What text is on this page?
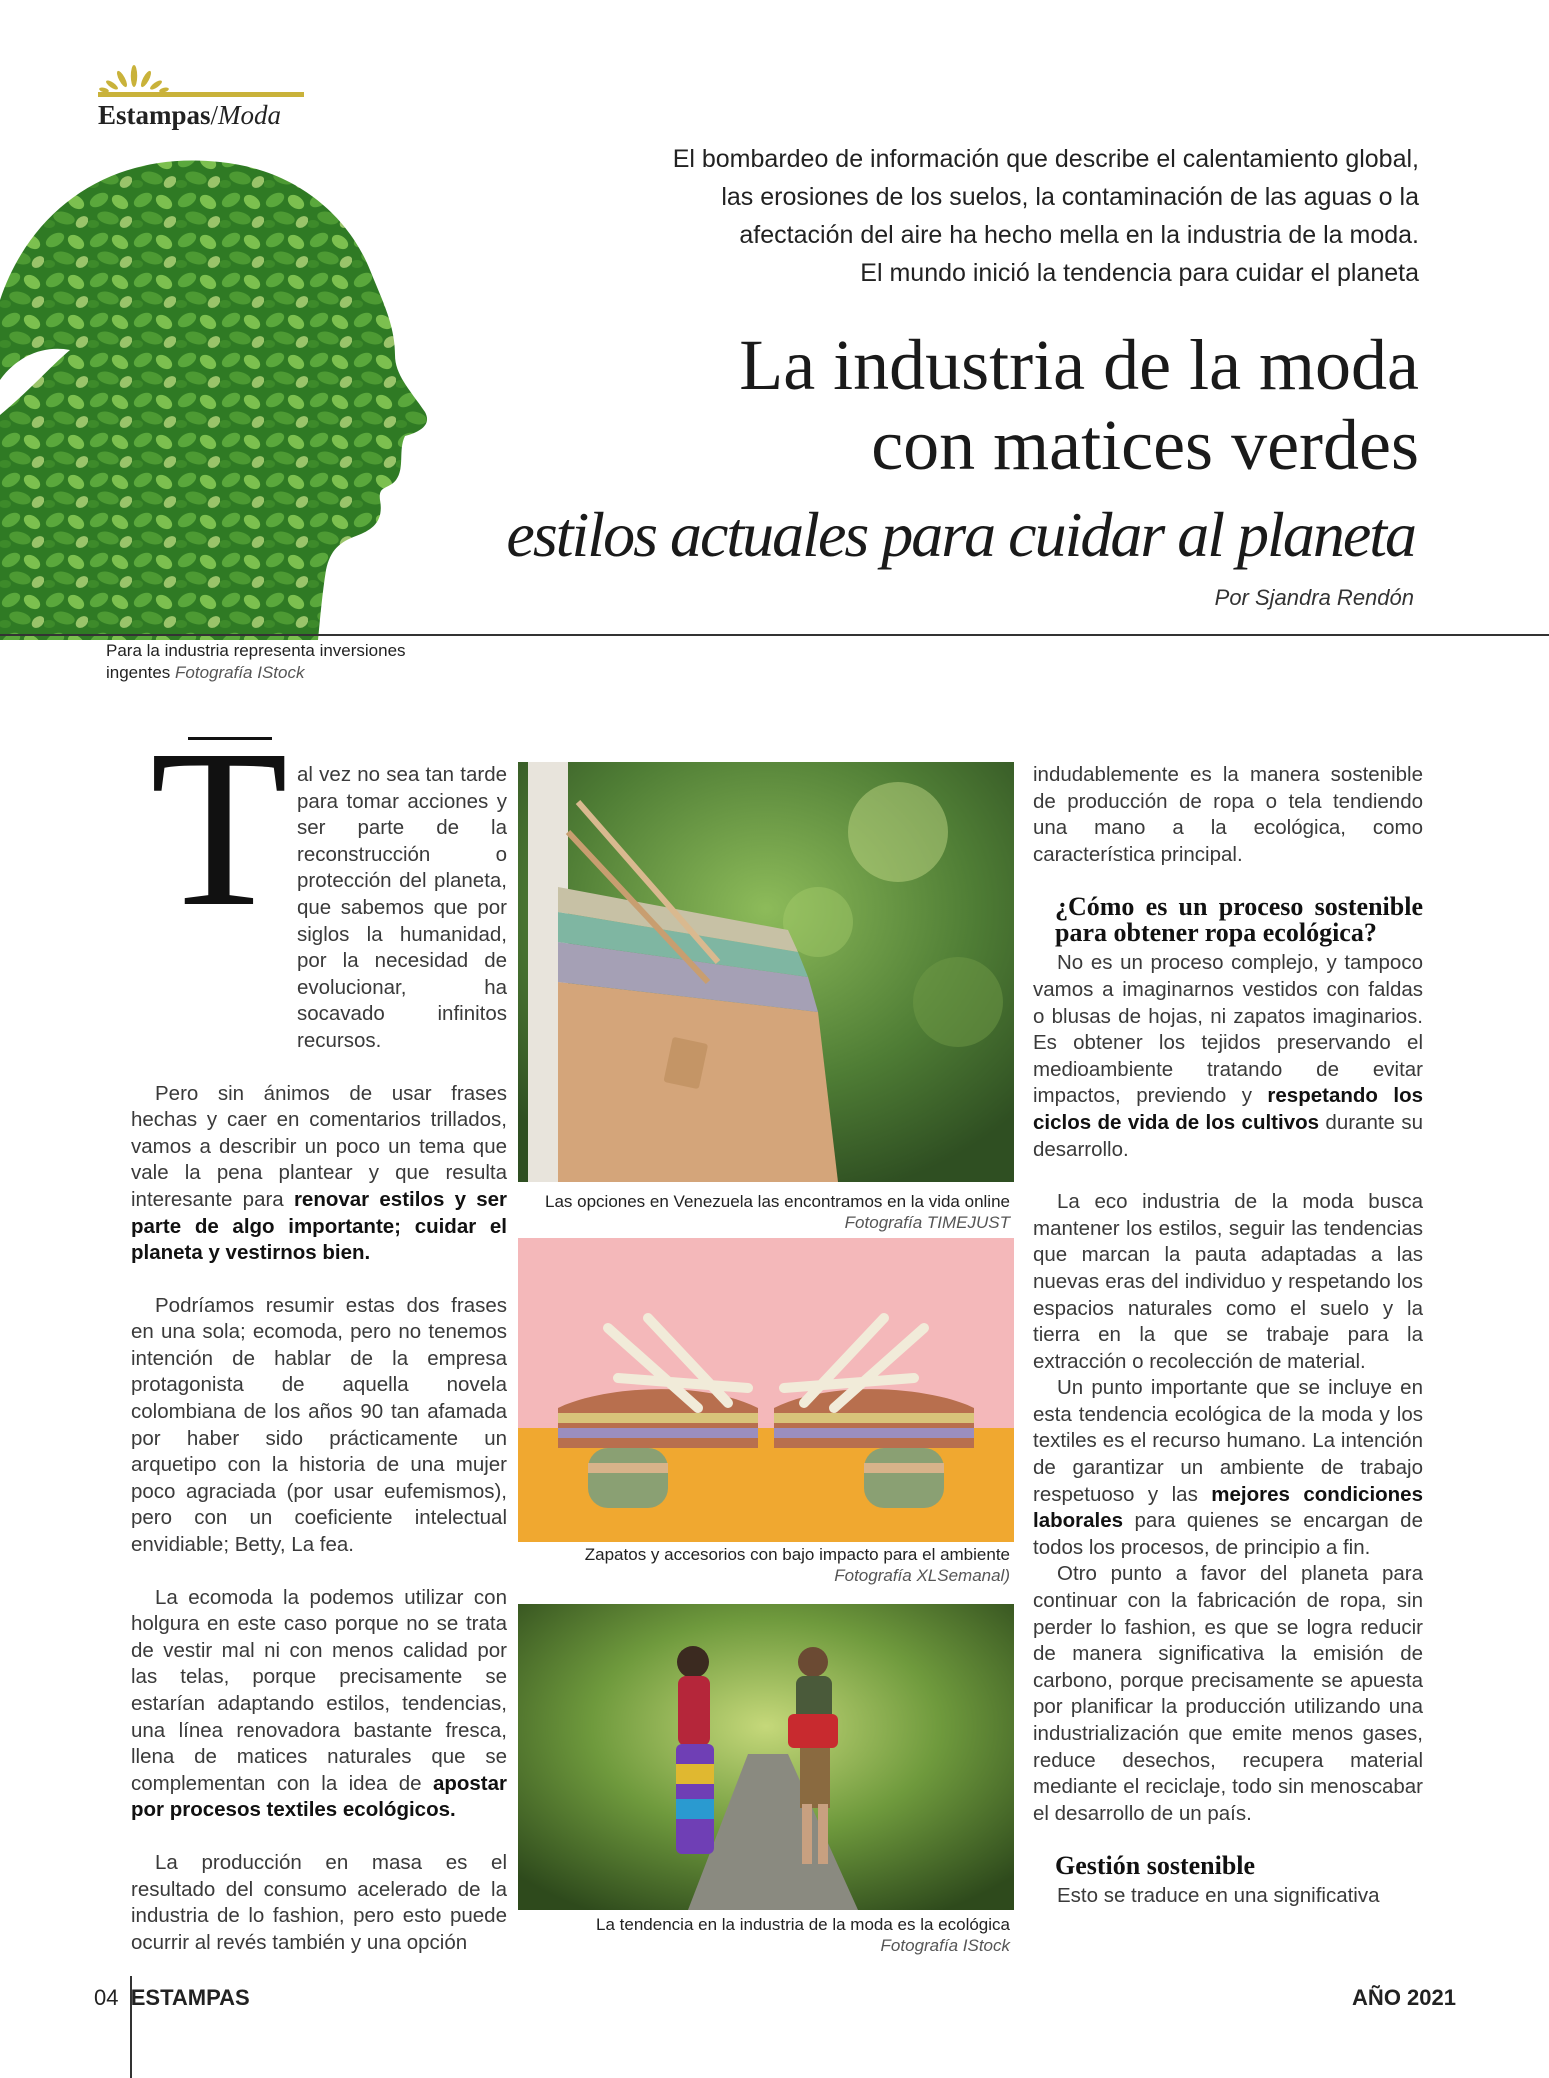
Estampas/Moda
El bombardeo de información que describe el calentamiento global,
las erosiones de los suelos, la contaminación de las aguas o la
afectación del aire ha hecho mella en la industria de la moda.
El mundo inició la tendencia para cuidar el planeta
La industria de la moda
con matices verdes
estilos actuales para cuidar al planeta
Por Sjandra Rendón
Para la industria representa inversiones ingentes Fotografía IStock
T al vez no sea tan tarde para tomar acciones y ser parte de la reconstrucción o protección del planeta, que sabemos que por siglos la humanidad, por la necesidad de evolucionar, ha socavado infinitos recursos.

Pero sin ánimos de usar frases hechas y caer en comentarios trillados, vamos a describir un poco un tema que vale la pena plantear y que resulta interesante para renovar estilos y ser parte de algo importante; cuidar el planeta y vestirnos bien.

Podríamos resumir estas dos frases en una sola; ecomoda, pero no tenemos intención de hablar de la empresa protagonista de aquella novela colombiana de los años 90 tan afamada por haber sido prácticamente un arquetipo con la historia de una mujer poco agraciada (por usar eufemismos), pero con un coeficiente intelectual envidiable; Betty, La fea.

La ecomoda la podemos utilizar con holgura en este caso porque no se trata de vestir mal ni con menos calidad por las telas, porque precisamente se estarían adaptando estilos, tendencias, una línea renovadora bastante fresca, llena de matices naturales que se complementan con la idea de apostar por procesos textiles ecológicos.

La producción en masa es el resultado del consumo acelerado de la industria de lo fashion, pero esto puede ocurrir al revés también y una opción

Las opciones en Venezuela las encontramos en la vida online
Fotografía TIMEJUST
Zapatos y accesorios con bajo impacto para el ambiente
Fotografía XLSemanal)
La tendencia en la industria de la moda es la ecológica
Fotografía IStock

indudablemente es la manera sostenible de producción de ropa o tela tendiendo una mano a la ecológica, como característica principal.

¿Cómo es un proceso sostenible para obtener ropa ecológica?

No es un proceso complejo, y tampoco vamos a imaginarnos vestidos con faldas o blusas de hojas, ni zapatos imaginarios. Es obtener los tejidos preservando el medioambiente tratando de evitar impactos, previendo y respetando los ciclos de vida de los cultivos durante su desarrollo.

La eco industria de la moda busca mantener los estilos, seguir las tendencias que marcan la pauta adaptadas a las nuevas eras del individuo y respetando los espacios naturales como el suelo y la tierra en la que se trabaje para la extracción o recolección de material.

Un punto importante que se incluye en esta tendencia ecológica de la moda y los textiles es el recurso humano. La intención de garantizar un ambiente de trabajo respetuoso y las mejores condiciones laborales para quienes se encargan de todos los procesos, de principio a fin.

Otro punto a favor del planeta para continuar con la fabricación de ropa, sin perder lo fashion, es que se logra reducir de manera significativa la emisión de carbono, porque precisamente se apuesta por planificar la producción utilizando una industrialización que emite menos gases, reduce desechos, recupera material mediante el reciclaje, todo sin menoscabar el desarrollo de un país.

Gestión sostenible

Esto se traduce en una significativa

04 ESTAMPAS	AÑO 2021
